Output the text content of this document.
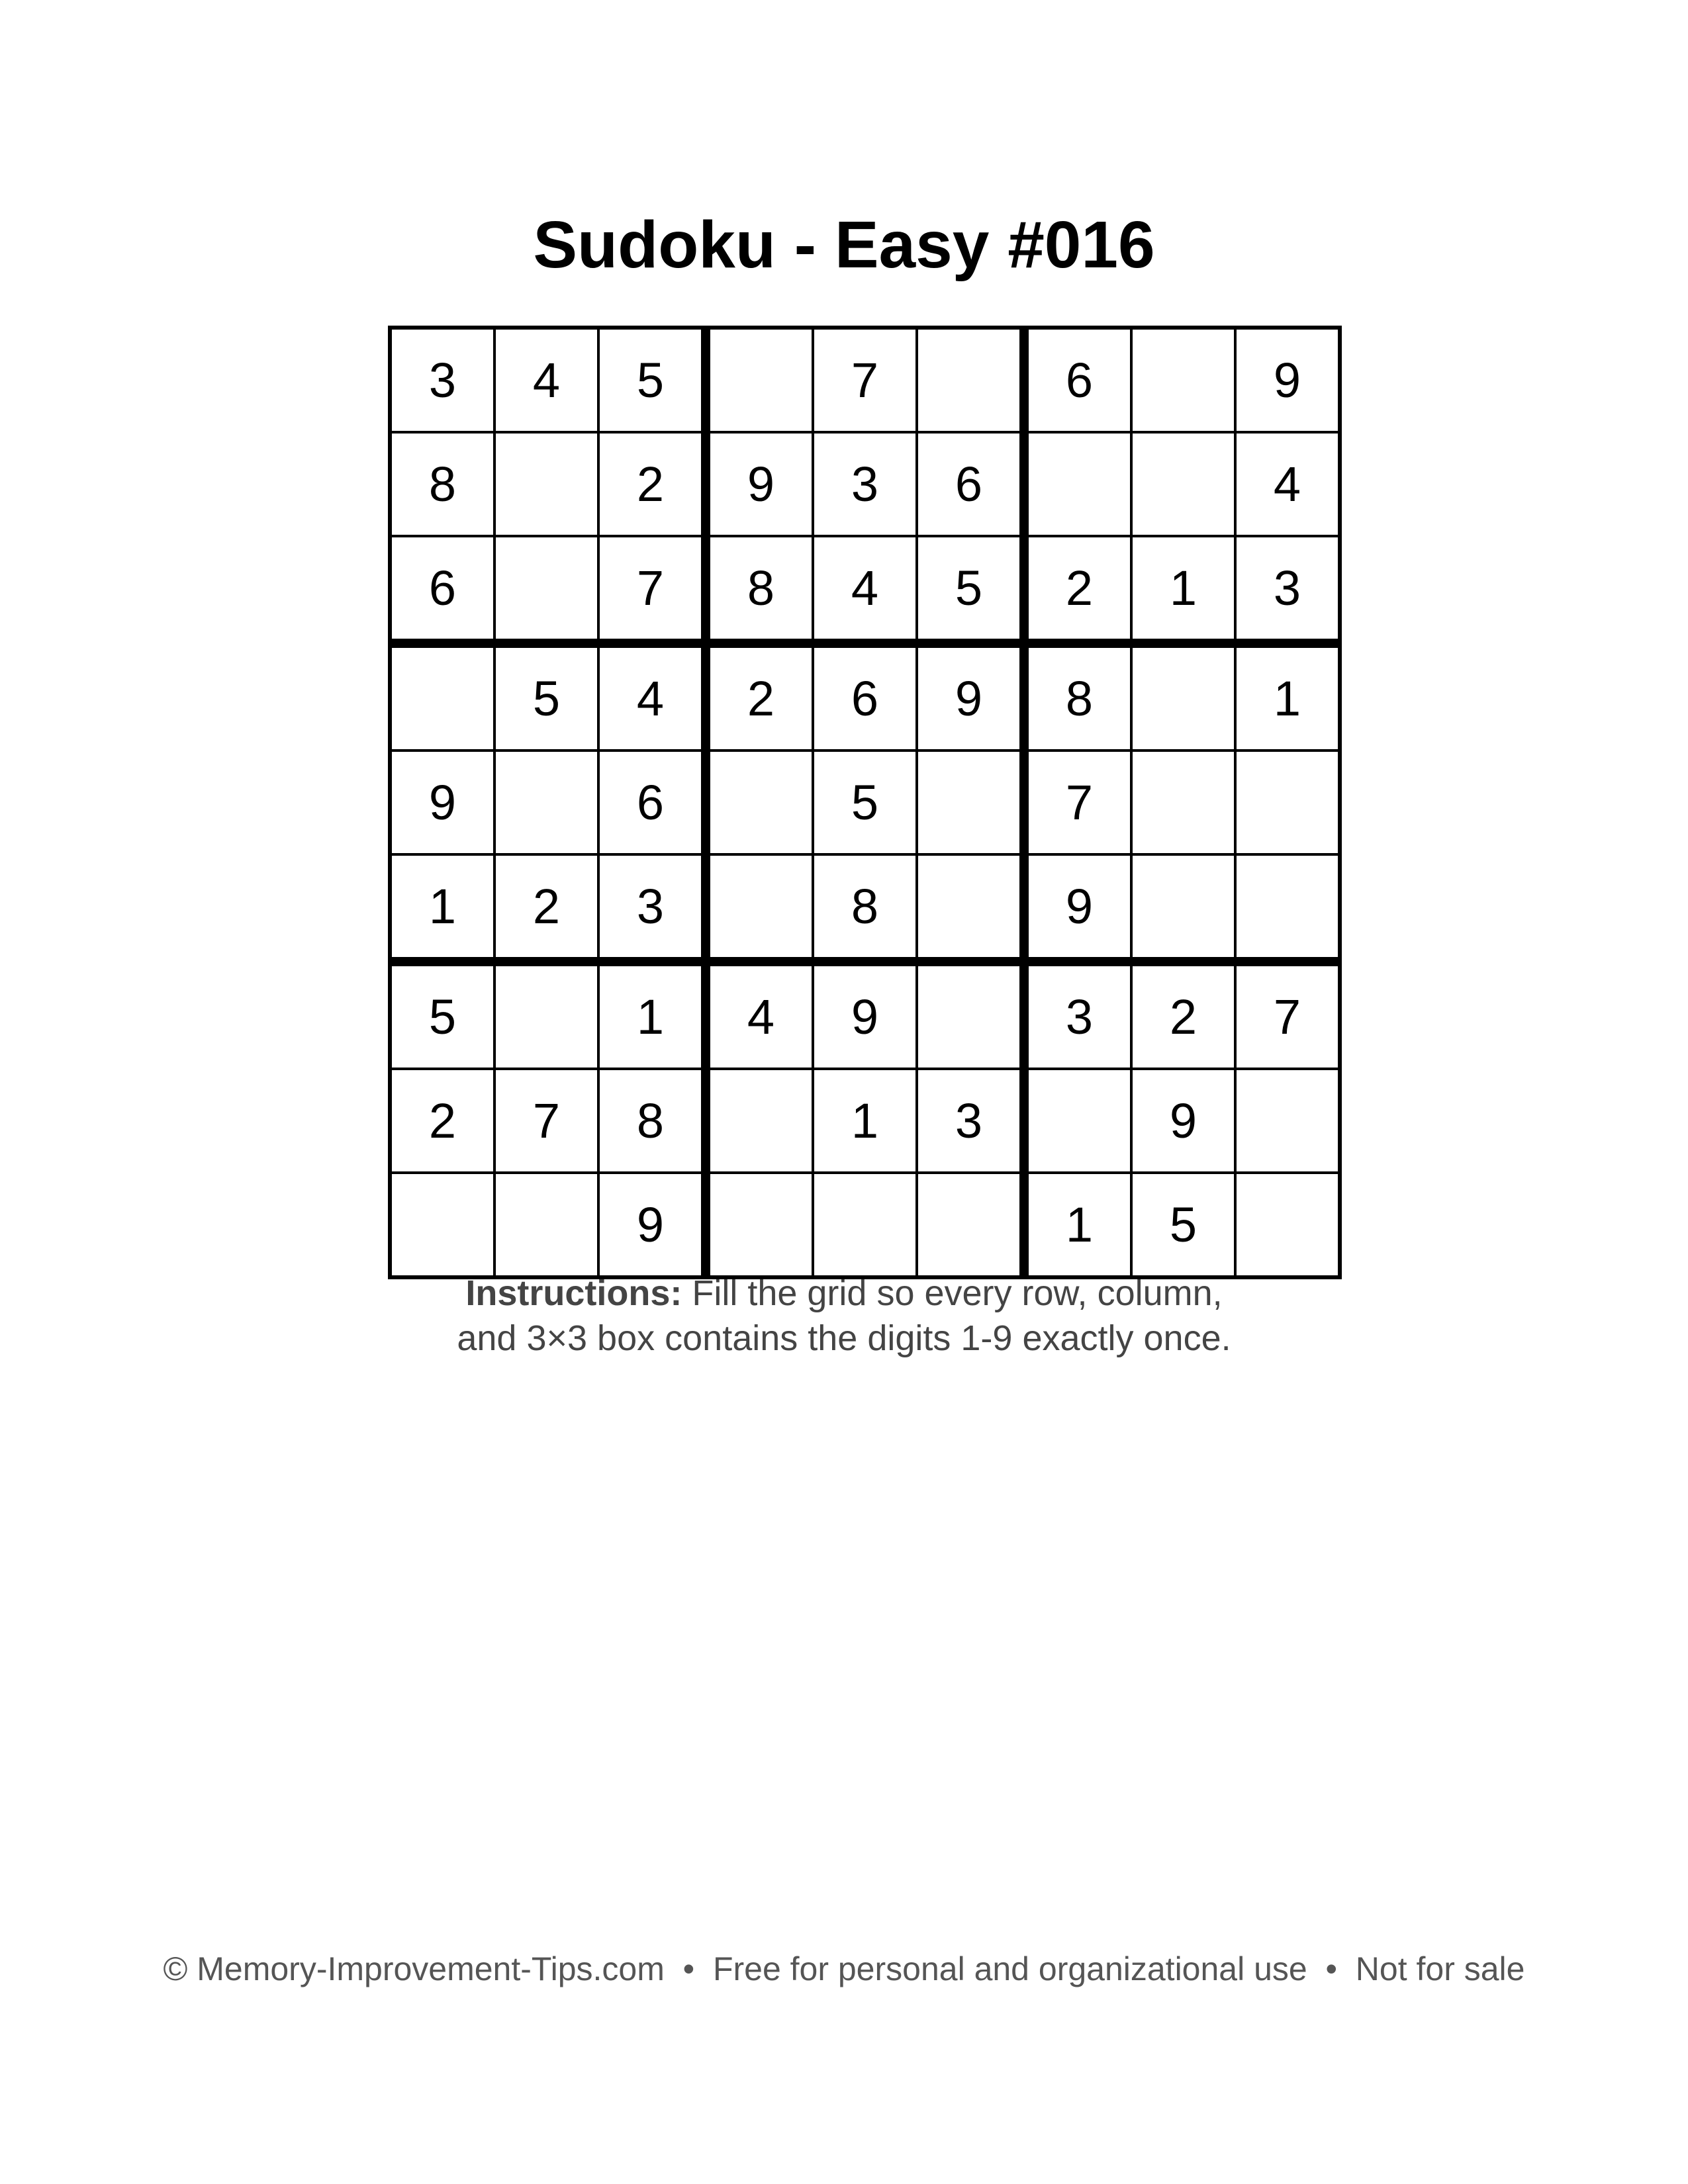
Sudoku - Easy #016
3	4	5		7		6		9
8		2	9	3	6			4
6		7	8	4	5	2	1	3
	5	4	2	6	9	8		1
9		6		5		7		
1	2	3		8		9		
5		1	4	9		3	2	7
2	7	8		1	3		9	
		9				1	5	
Instructions: Fill the grid so every row, column,
and 3×3 box contains the digits 1-9 exactly once.
© Memory-Improvement-Tips.com  •  Free for personal and organizational use  •  Not for sale
